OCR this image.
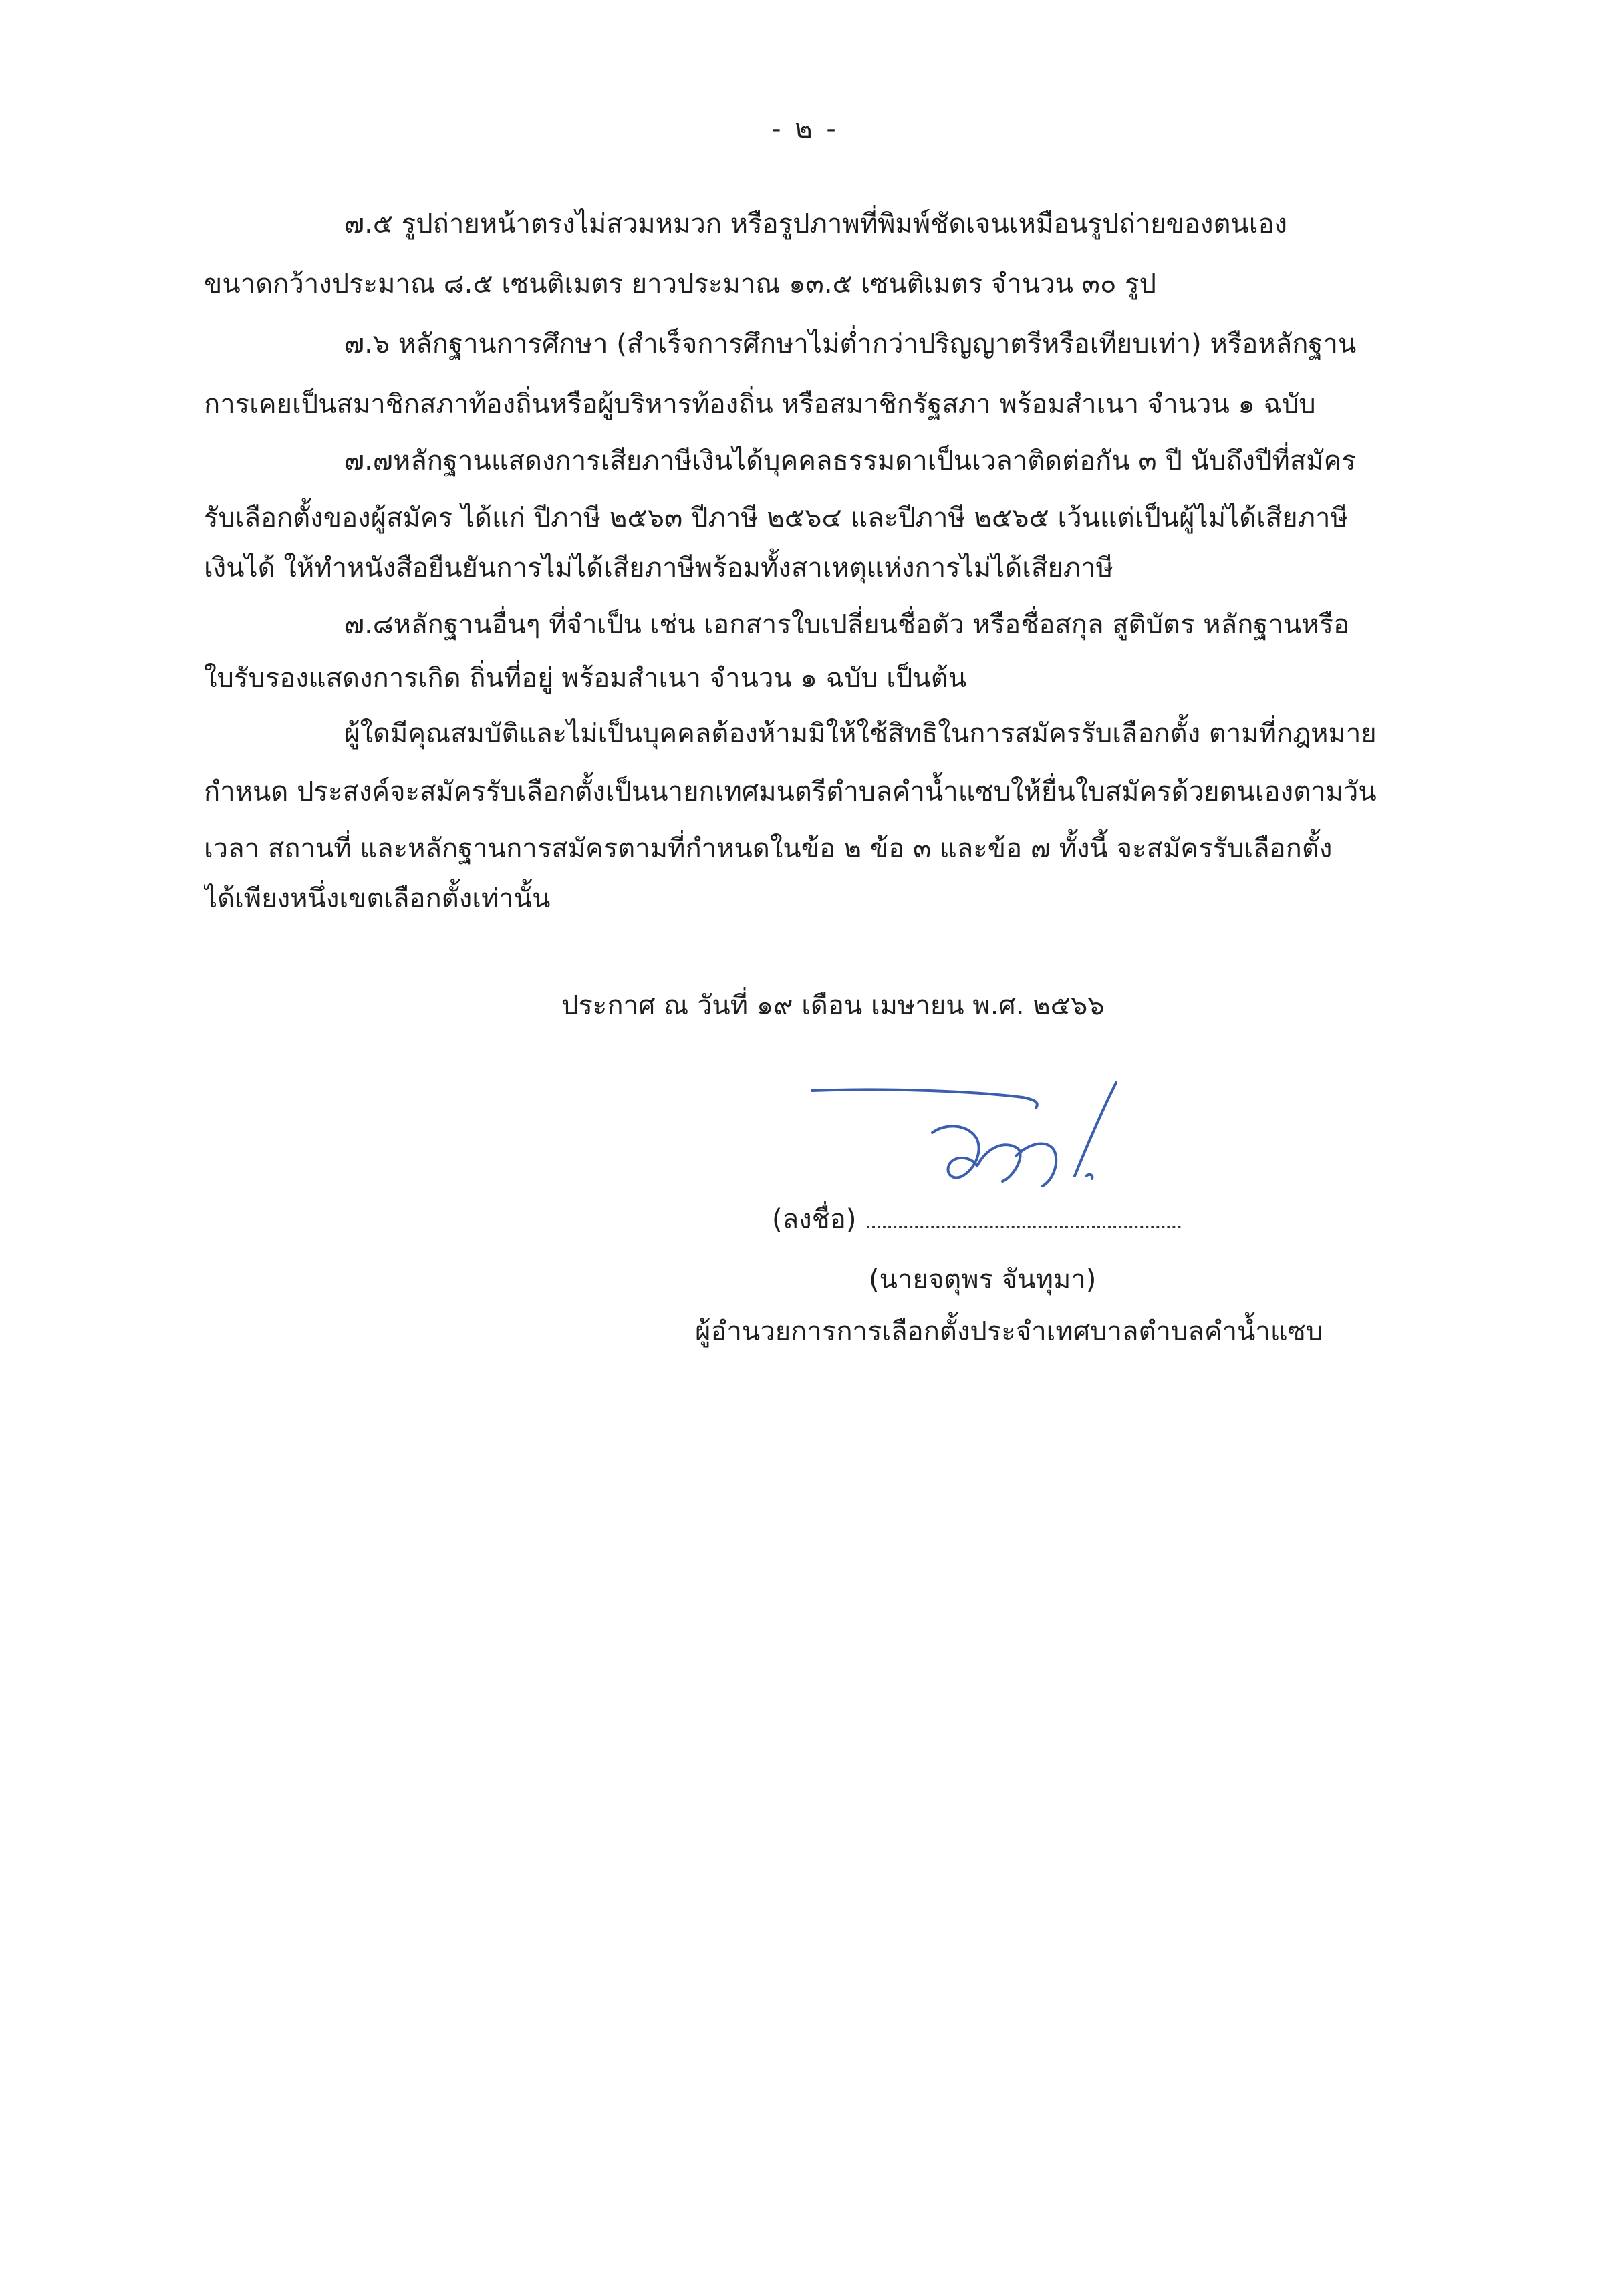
- ๒ -
๗.๕ รูปถ่ายหน้าตรงไม่สวมหมวก หรือรูปภาพที่พิมพ์ชัดเจนเหมือนรูปถ่ายของตนเอง
ขนาดกว้างประมาณ ๘.๕ เซนติเมตร ยาวประมาณ ๑๓.๕ เซนติเมตร จำนวน ๓๐ รูป
๗.๖ หลักฐานการศึกษา (สำเร็จการศึกษาไม่ต่ำกว่าปริญญาตรีหรือเทียบเท่า) หรือหลักฐาน
การเคยเป็นสมาชิกสภาท้องถิ่นหรือผู้บริหารท้องถิ่น หรือสมาชิกรัฐสภา พร้อมสำเนา จำนวน ๑ ฉบับ
๗.๗หลักฐานแสดงการเสียภาษีเงินได้บุคคลธรรมดาเป็นเวลาติดต่อกัน ๓ ปี นับถึงปีที่สมัคร
รับเลือกตั้งของผู้สมัคร ได้แก่ ปีภาษี ๒๕๖๓ ปีภาษี ๒๕๖๔ และปีภาษี ๒๕๖๕ เว้นแต่เป็นผู้ไม่ได้เสียภาษี
เงินได้ ให้ทำหนังสือยืนยันการไม่ได้เสียภาษีพร้อมทั้งสาเหตุแห่งการไม่ได้เสียภาษี
๗.๘หลักฐานอื่นๆ ที่จำเป็น เช่น เอกสารใบเปลี่ยนชื่อตัว หรือชื่อสกุล สูติบัตร หลักฐานหรือ
ใบรับรองแสดงการเกิด ถิ่นที่อยู่ พร้อมสำเนา จำนวน ๑ ฉบับ เป็นต้น
ผู้ใดมีคุณสมบัติและไม่เป็นบุคคลต้องห้ามมิให้ใช้สิทธิในการสมัครรับเลือกตั้ง ตามที่กฎหมาย
กำหนด ประสงค์จะสมัครรับเลือกตั้งเป็นนายกเทศมนตรีตำบลคำน้ำแซบให้ยื่นใบสมัครด้วยตนเองตามวัน
เวลา สถานที่ และหลักฐานการสมัครตามที่กำหนดในข้อ ๒ ข้อ ๓ และข้อ ๗ ทั้งนี้ จะสมัครรับเลือกตั้ง
ได้เพียงหนึ่งเขตเลือกตั้งเท่านั้น
ประกาศ ณ วันที่ ๑๙ เดือน เมษายน พ.ศ. ๒๕๖๖
(ลงชื่อ)
(นายจตุพร จันทุมา)
ผู้อำนวยการการเลือกตั้งประจำเทศบาลตำบลคำน้ำแซบ
